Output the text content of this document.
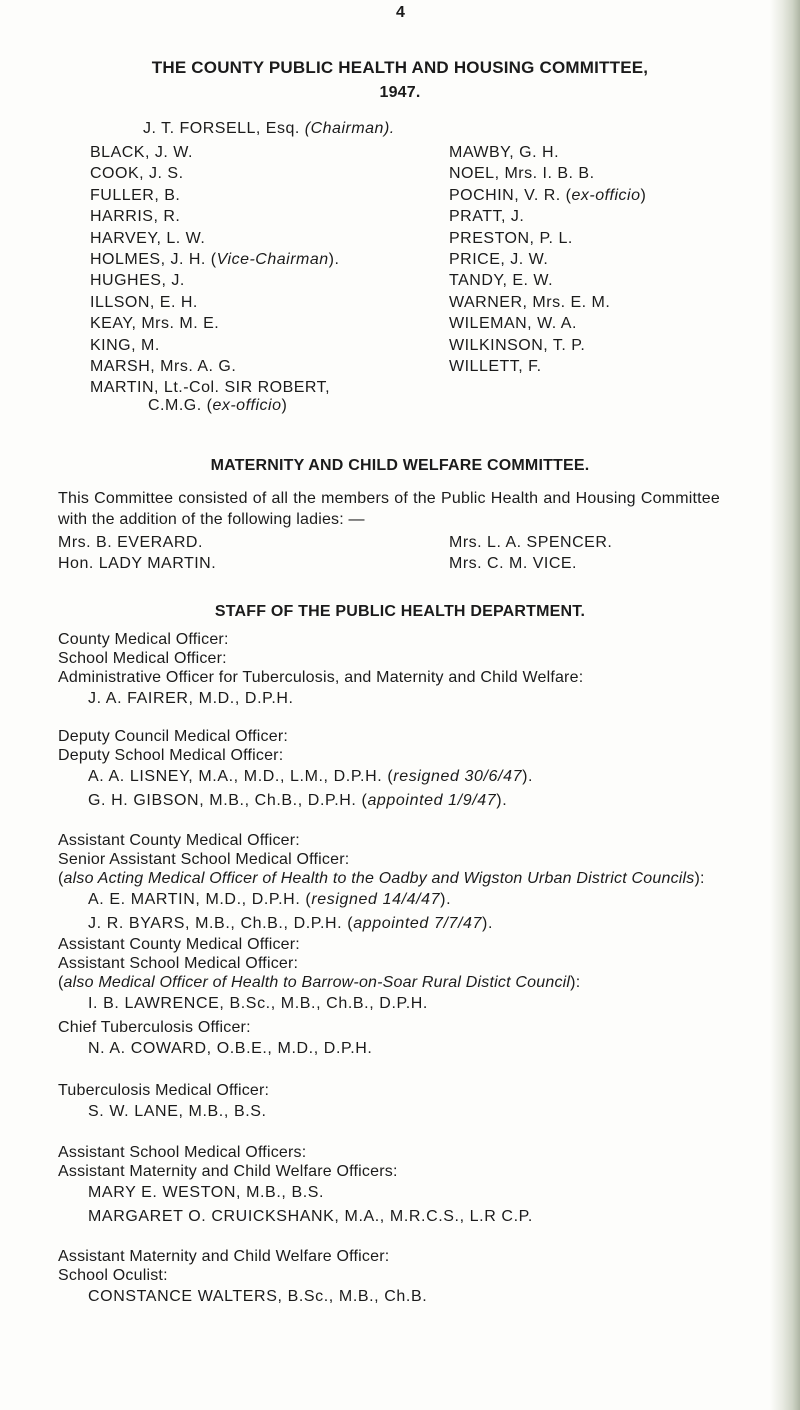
4
THE COUNTY PUBLIC HEALTH AND HOUSING COMMITTEE,
1947.
J. T. FORSELL, Esq. (Chairman).
BLACK, J. W.
COOK, J. S.
FULLER, B.
HARRIS, R.
HARVEY, L. W.
HOLMES, J. H. (Vice-Chairman).
HUGHES, J.
ILLSON, E. H.
KEAY, Mrs. M. E.
KING, M.
MARSH, Mrs. A. G.
MARTIN, Lt.-Col. SIR ROBERT,
C.M.G. (ex-officio)
MAWBY, G. H.
NOEL, Mrs. I. B. B.
POCHIN, V. R. (ex-officio)
PRATT, J.
PRESTON, P. L.
PRICE, J. W.
TANDY, E. W.
WARNER, Mrs. E. M.
WILEMAN, W. A.
WILKINSON, T. P.
WILLETT, F.
MATERNITY AND CHILD WELFARE COMMITTEE.
This Committee consisted of all the members of the Public Health and Housing Committee with the addition of the following ladies: —
Mrs. B. EVERARD.
Hon. LADY MARTIN.
Mrs. L. A. SPENCER.
Mrs. C. M. VICE.
STAFF OF THE PUBLIC HEALTH DEPARTMENT.
County Medical Officer:
School Medical Officer:
Administrative Officer for Tuberculosis, and Maternity and Child Welfare:
J. A. FAIRER, M.D., D.P.H.
Deputy Council Medical Officer:
Deputy School Medical Officer:
A. A. LISNEY, M.A., M.D., L.M., D.P.H. (resigned 30/6/47).
G. H. GIBSON, M.B., Ch.B., D.P.H. (appointed 1/9/47).
Assistant County Medical Officer:
Senior Assistant School Medical Officer:
(also Acting Medical Officer of Health to the Oadby and Wigston Urban District Councils):
A. E. MARTIN, M.D., D.P.H. (resigned 14/4/47).
J. R. BYARS, M.B., Ch.B., D.P.H. (appointed 7/7/47).
Assistant County Medical Officer:
Assistant School Medical Officer:
(also Medical Officer of Health to Barrow-on-Soar Rural Distict Council):
I. B. LAWRENCE, B.Sc., M.B., Ch.B., D.P.H.
Chief Tuberculosis Officer:
N. A. COWARD, O.B.E., M.D., D.P.H.
Tuberculosis Medical Officer:
S. W. LANE, M.B., B.S.
Assistant School Medical Officers:
Assistant Maternity and Child Welfare Officers:
MARY E. WESTON, M.B., B.S.
MARGARET O. CRUICKSHANK, M.A., M.R.C.S., L.R C.P.
Assistant Maternity and Child Welfare Officer:
School Oculist:
CONSTANCE WALTERS, B.Sc., M.B., Ch.B.
